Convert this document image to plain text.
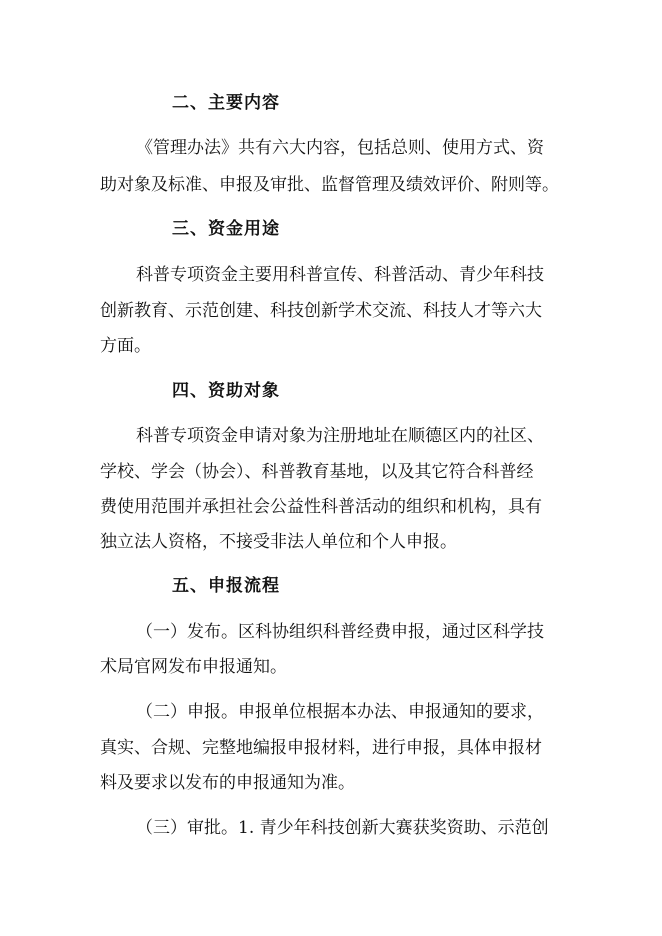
二、主要内容
《管理办法》共有六大内容，包括总则、使用方式、资
助对象及标准、申报及审批、监督管理及绩效评价、附则等。
三、资金用途
科普专项资金主要用科普宣传、科普活动、青少年科技
创新教育、示范创建、科技创新学术交流、科技人才等六大
方面。
四、资助对象
科普专项资金申请对象为注册地址在顺德区内的社区、
学校、学会（协会）、科普教育基地，以及其它符合科普经
费使用范围并承担社会公益性科普活动的组织和机构，具有
独立法人资格，不接受非法人单位和个人申报。
五、申报流程
（一）发布。区科协组织科普经费申报，通过区科学技
术局官网发布申报通知。
（二）申报。申报单位根据本办法、申报通知的要求，
真实、合规、完整地编报申报材料，进行申报，具体申报材
料及要求以发布的申报通知为准。
（三）审批。1. 青少年科技创新大赛获奖资助、示范创
